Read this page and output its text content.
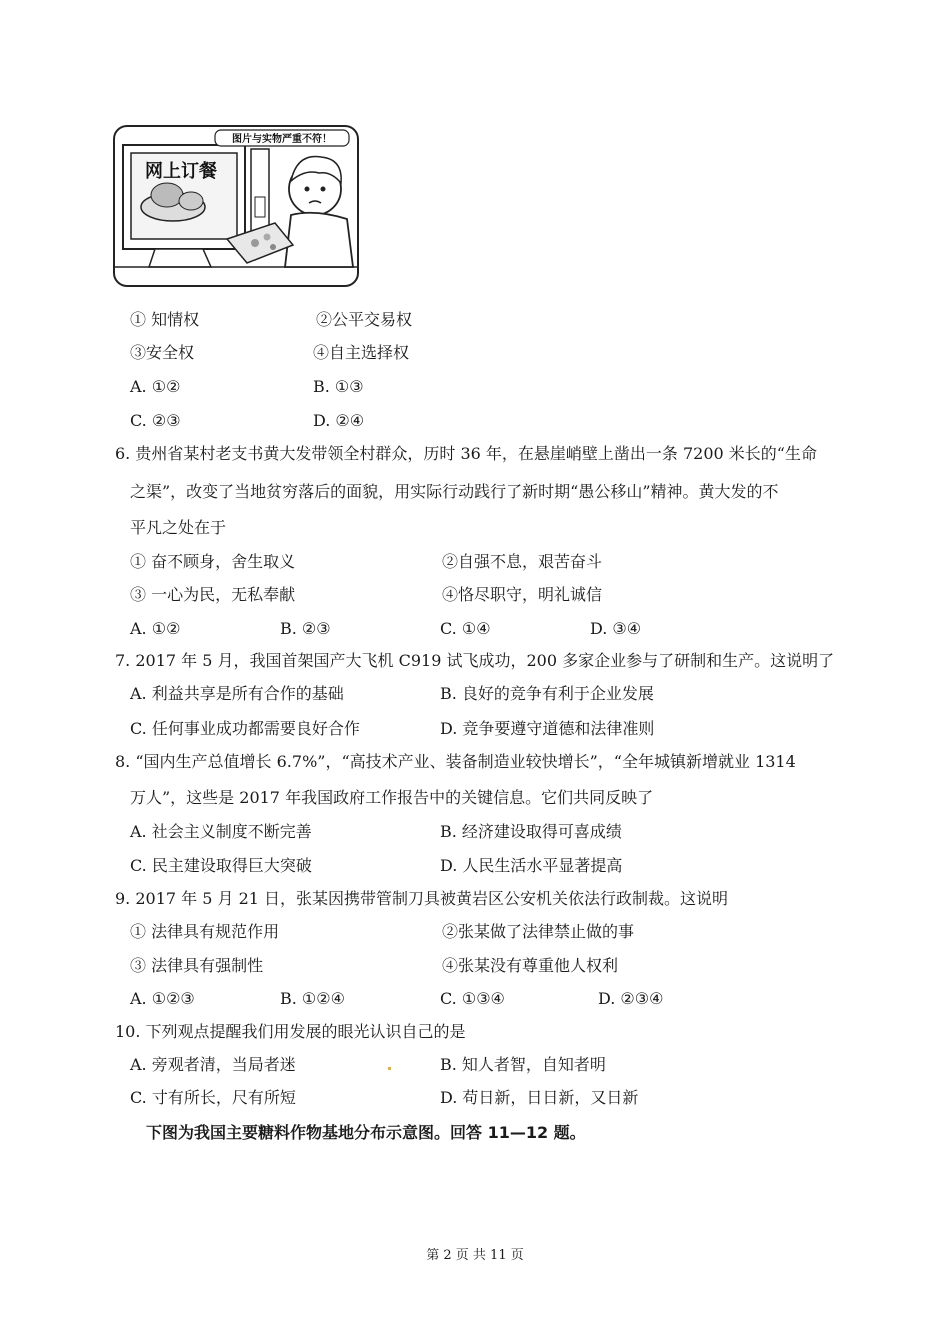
图片与实物严重不符！
网上订餐
① 知情权	②公平交易权
③安全权	④自主选择权
A. ①②	B. ①③
C. ②③	D. ②④
6. 贵州省某村老支书黄大发带领全村群众，历时 36 年，在悬崖峭壁上凿出一条 7200 米长的“生命
之渠”，改变了当地贫穷落后的面貌，用实际行动践行了新时期“愚公移山”精神。黄大发的不
平凡之处在于
① 奋不顾身，舍生取义	②自强不息，艰苦奋斗
③ 一心为民，无私奉献	④恪尽职守，明礼诚信
A. ①②	B. ②③	C. ①④	D. ③④
7. 2017 年 5 月，我国首架国产大飞机 C919 试飞成功，200 多家企业参与了研制和生产。这说明了
A. 利益共享是所有合作的基础	B. 良好的竞争有利于企业发展
C. 任何事业成功都需要良好合作	D. 竞争要遵守道德和法律准则
8. “国内生产总值增长 6.7%”，“高技术产业、装备制造业较快增长”，“全年城镇新增就业 1314
万人”，这些是 2017 年我国政府工作报告中的关键信息。它们共同反映了
A. 社会主义制度不断完善	B. 经济建设取得可喜成绩
C. 民主建设取得巨大突破	D. 人民生活水平显著提高
9. 2017 年 5 月 21 日，张某因携带管制刀具被黄岩区公安机关依法行政制裁。这说明
① 法律具有规范作用	②张某做了法律禁止做的事
③ 法律具有强制性	④张某没有尊重他人权利
A. ①②③	B. ①②④	C. ①③④	D. ②③④
10. 下列观点提醒我们用发展的眼光认识自己的是
A. 旁观者清，当局者迷	B. 知人者智，自知者明
C. 寸有所长，尺有所短	D. 苟日新，日日新，又日新
下图为我国主要糖料作物基地分布示意图。回答 11—12 题。
第 2 页 共 11 页
